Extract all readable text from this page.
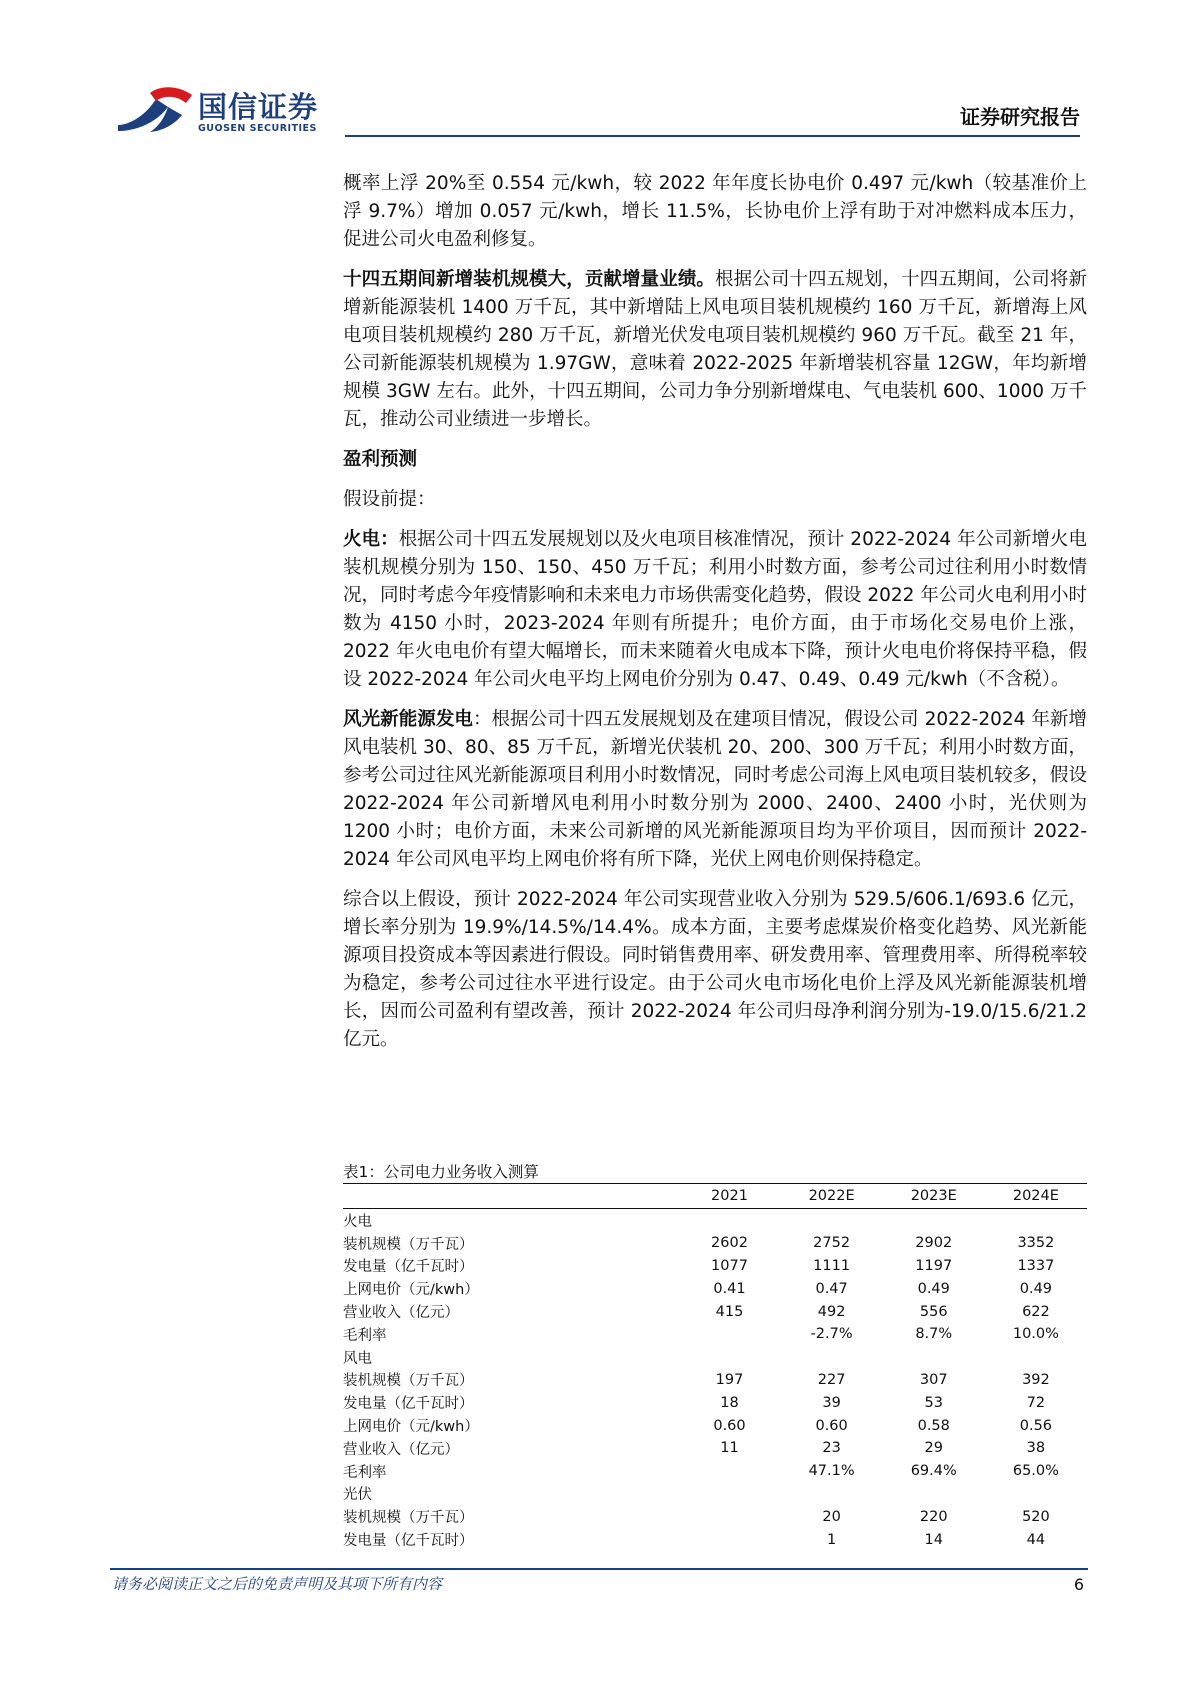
国信证券
GUOSEN SECURITIES	证券研究报告

概率上浮 20%至 0.554 元/kwh，较 2022 年年度长协电价 0.497 元/kwh（较基准价上浮 9.7%）增加 0.057 元/kwh，增长 11.5%，长协电价上浮有助于对冲燃料成本压力，促进公司火电盈利修复。

十四五期间新增装机规模大，贡献增量业绩。根据公司十四五规划，十四五期间，公司将新增新能源装机 1400 万千瓦，其中新增陆上风电项目装机规模约 160 万千瓦，新增海上风电项目装机规模约 280 万千瓦，新增光伏发电项目装机规模约 960 万千瓦。截至 21 年，公司新能源装机规模为 1.97GW，意味着 2022-2025 年新增装机容量 12GW，年均新增规模 3GW 左右。此外，十四五期间，公司力争分别新增煤电、气电装机 600、1000 万千瓦，推动公司业绩进一步增长。

盈利预测

假设前提：

火电：根据公司十四五发展规划以及火电项目核准情况，预计 2022-2024 年公司新增火电装机规模分别为 150、150、450 万千瓦；利用小时数方面，参考公司过往利用小时数情况，同时考虑今年疫情影响和未来电力市场供需变化趋势，假设 2022 年公司火电利用小时数为 4150 小时，2023-2024 年则有所提升；电价方面，由于市场化交易电价上涨，2022 年火电电价有望大幅增长，而未来随着火电成本下降，预计火电电价将保持平稳，假设 2022-2024 年公司火电平均上网电价分别为 0.47、0.49、0.49 元/kwh（不含税）。

风光新能源发电：根据公司十四五发展规划及在建项目情况，假设公司 2022-2024 年新增风电装机 30、80、85 万千瓦，新增光伏装机 20、200、300 万千瓦；利用小时数方面，参考公司过往风光新能源项目利用小时数情况，同时考虑公司海上风电项目装机较多，假设 2022-2024 年公司新增风电利用小时数分别为 2000、2400、2400 小时，光伏则为 1200 小时；电价方面，未来公司新增的风光新能源项目均为平价项目，因而预计 2022-2024 年公司风电平均上网电价将有所下降，光伏上网电价则保持稳定。

综合以上假设，预计 2022-2024 年公司实现营业收入分别为 529.5/606.1/693.6 亿元，增长率分别为 19.9%/14.5%/14.4%。成本方面，主要考虑煤炭价格变化趋势、风光新能源项目投资成本等因素进行假设。同时销售费用率、研发费用率、管理费用率、所得税率较为稳定，参考公司过往水平进行设定。由于公司火电市场化电价上浮及风光新能源装机增长，因而公司盈利有望改善，预计 2022-2024 年公司归母净利润分别为-19.0/15.6/21.2 亿元。

表1：公司电力业务收入测算
	2021	2022E	2023E	2024E
火电				
装机规模（万千瓦）	2602	2752	2902	3352
发电量（亿千瓦时）	1077	1111	1197	1337
上网电价（元/kwh）	0.41	0.47	0.49	0.49
营业收入（亿元）	415	492	556	622
毛利率		-2.7%	8.7%	10.0%
风电				
装机规模（万千瓦）	197	227	307	392
发电量（亿千瓦时）	18	39	53	72
上网电价（元/kwh）	0.60	0.60	0.58	0.56
营业收入（亿元）	11	23	29	38
毛利率		47.1%	69.4%	65.0%
光伏				
装机规模（万千瓦）		20	220	520
发电量（亿千瓦时）		1	14	44
请务必阅读正文之后的免责声明及其项下所有内容	6
